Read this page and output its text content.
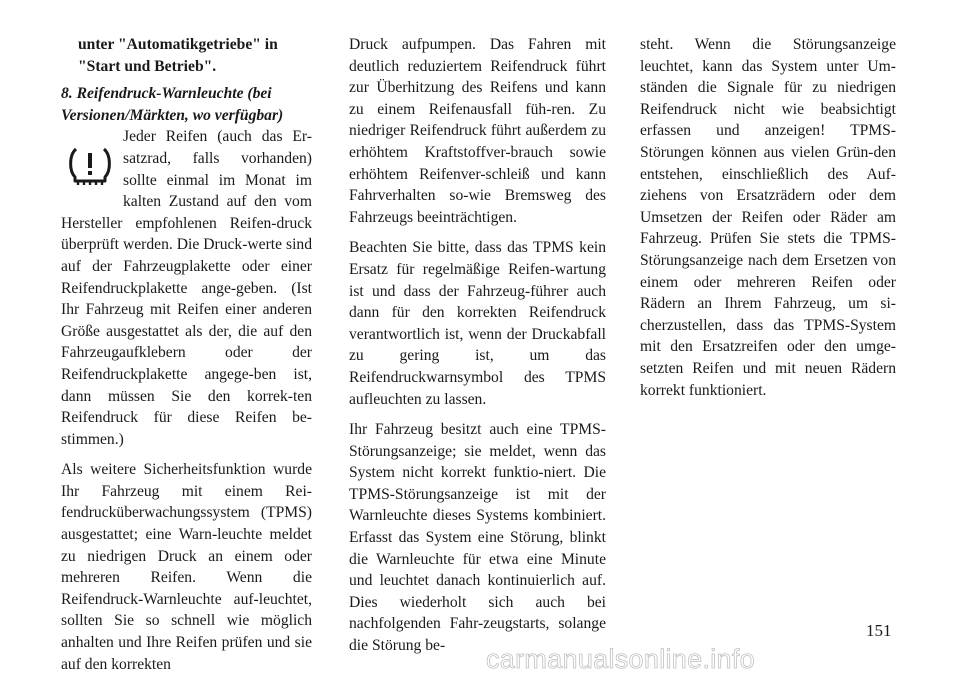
unter "Automatikgetriebe" in "Start und Betrieb".

8. Reifendruck-Warnleuchte (bei Versionen/Märkten, wo verfügbar)

Jeder Reifen (auch das Er-satzrad, falls vorhanden) sollte einmal im Monat im kalten Zustand auf den vom Hersteller empfohlenen Reifen-druck überprüft werden. Die Druck-werte sind auf der Fahrzeugplakette oder einer Reifendruckplakette ange-geben. (Ist Ihr Fahrzeug mit Reifen einer anderen Größe ausgestattet als der, die auf den Fahrzeugaufklebern oder der Reifendruckplakette angege-ben ist, dann müssen Sie den korrek-ten Reifendruck für diese Reifen be-stimmen.)

Als weitere Sicherheitsfunktion wurde Ihr Fahrzeug mit einem Rei-fendrucküberwachungssystem (TPMS) ausgestattet; eine Warn-leuchte meldet zu niedrigen Druck an einem oder mehreren Reifen. Wenn die Reifendruck-Warnleuchte auf-leuchtet, sollten Sie so schnell wie möglich anhalten und Ihre Reifen prüfen und sie auf den korrekten

Druck aufpumpen. Das Fahren mit deutlich reduziertem Reifendruck führt zur Überhitzung des Reifens und kann zu einem Reifenausfall füh-ren. Zu niedriger Reifendruck führt außerdem zu erhöhtem Kraftstoffver-brauch sowie erhöhtem Reifenver-schleiß und kann Fahrverhalten so-wie Bremsweg des Fahrzeugs beeinträchtigen.

Beachten Sie bitte, dass das TPMS kein Ersatz für regelmäßige Reifen-wartung ist und dass der Fahrzeug-führer auch dann für den korrekten Reifendruck verantwortlich ist, wenn der Druckabfall zu gering ist, um das Reifendruckwarnsymbol des TPMS aufleuchten zu lassen.

Ihr Fahrzeug besitzt auch eine TPMS-Störungsanzeige; sie meldet, wenn das System nicht korrekt funktio-niert. Die TPMS-Störungsanzeige ist mit der Warnleuchte dieses Systems kombiniert. Erfasst das System eine Störung, blinkt die Warnleuchte für etwa eine Minute und leuchtet danach kontinuierlich auf. Dies wiederholt sich auch bei nachfolgenden Fahr-zeugstarts, solange die Störung be-

steht. Wenn die Störungsanzeige leuchtet, kann das System unter Um-ständen die Signale für zu niedrigen Reifendruck nicht wie beabsichtigt erfassen und anzeigen! TPMS-Störungen können aus vielen Grün-den entstehen, einschließlich des Auf-ziehens von Ersatzrädern oder dem Umsetzen der Reifen oder Räder am Fahrzeug. Prüfen Sie stets die TPMS-Störungsanzeige nach dem Ersetzen von einem oder mehreren Reifen oder Rädern an Ihrem Fahrzeug, um si-cherzustellen, dass das TPMS-System mit den Ersatzreifen oder den umge-setzten Reifen und mit neuen Rädern korrekt funktioniert.

151
carmanualsonline.info
